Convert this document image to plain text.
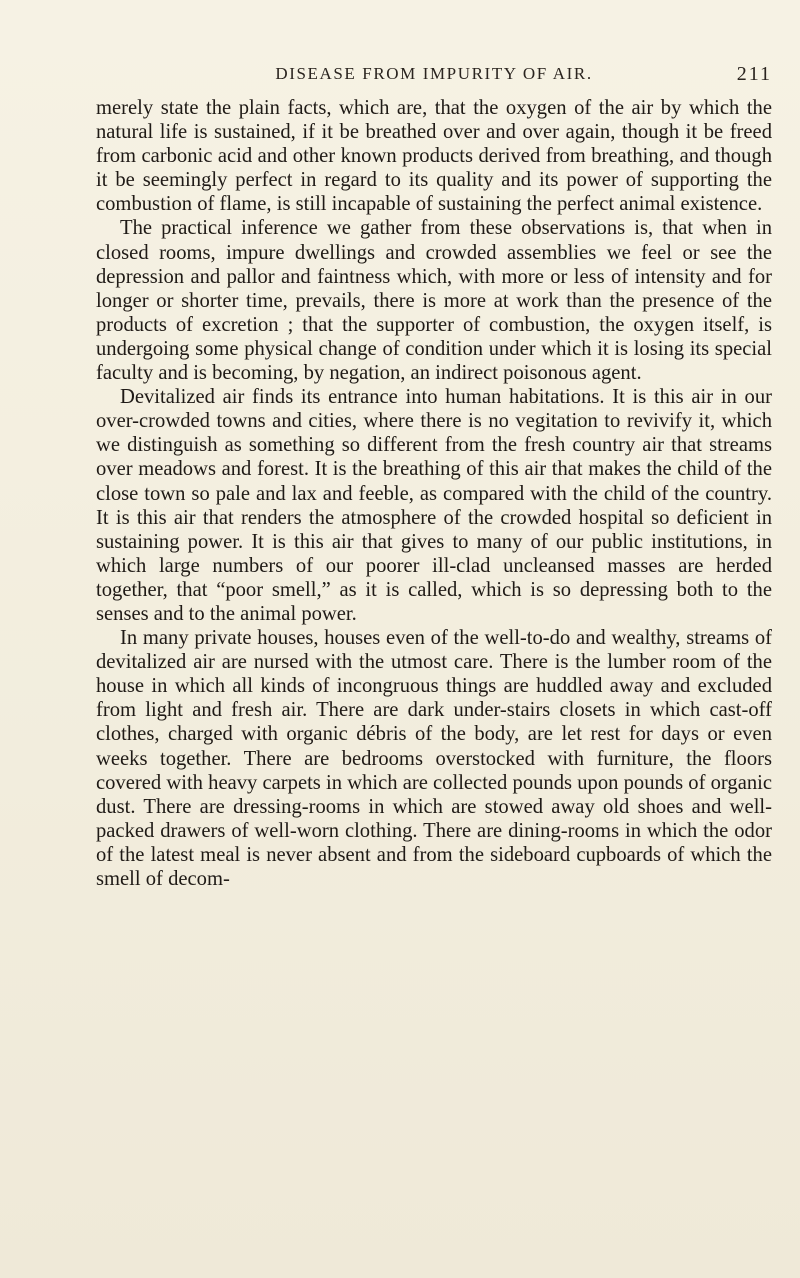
DISEASE FROM IMPURITY OF AIR.	211

merely state the plain facts, which are, that the oxygen of the air by which the natural life is sustained, if it be breathed over and over again, though it be freed from carbonic acid and other known products derived from breathing, and though it be seemingly perfect in regard to its quality and its power of supporting the combustion of flame, is still incapable of sustaining the perfect animal existence.

The practical inference we gather from these observations is, that when in closed rooms, impure dwellings and crowded assemblies we feel or see the depression and pallor and faintness which, with more or less of intensity and for longer or shorter time, prevails, there is more at work than the presence of the products of excretion ; that the supporter of combustion, the oxygen itself, is undergoing some physical change of condition under which it is losing its special faculty and is becoming, by negation, an indirect poisonous agent.

Devitalized air finds its entrance into human habitations. It is this air in our over-crowded towns and cities, where there is no vegitation to revivify it, which we distinguish as something so different from the fresh country air that streams over meadows and forest. It is the breathing of this air that makes the child of the close town so pale and lax and feeble, as compared with the child of the country. It is this air that renders the atmosphere of the crowded hospital so deficient in sustaining power. It is this air that gives to many of our public institutions, in which large numbers of our poorer ill-clad uncleansed masses are herded together, that “poor smell,” as it is called, which is so depressing both to the senses and to the animal power.

In many private houses, houses even of the well-to-do and wealthy, streams of devitalized air are nursed with the utmost care. There is the lumber room of the house in which all kinds of incongruous things are huddled away and excluded from light and fresh air. There are dark under-stairs closets in which cast-off clothes, charged with organic débris of the body, are let rest for days or even weeks together. There are bedrooms overstocked with furniture, the floors covered with heavy carpets in which are collected pounds upon pounds of organic dust. There are dressing-rooms in which are stowed away old shoes and well-packed drawers of well-worn clothing. There are dining-rooms in which the odor of the latest meal is never absent and from the sideboard cupboards of which the smell of decom-
